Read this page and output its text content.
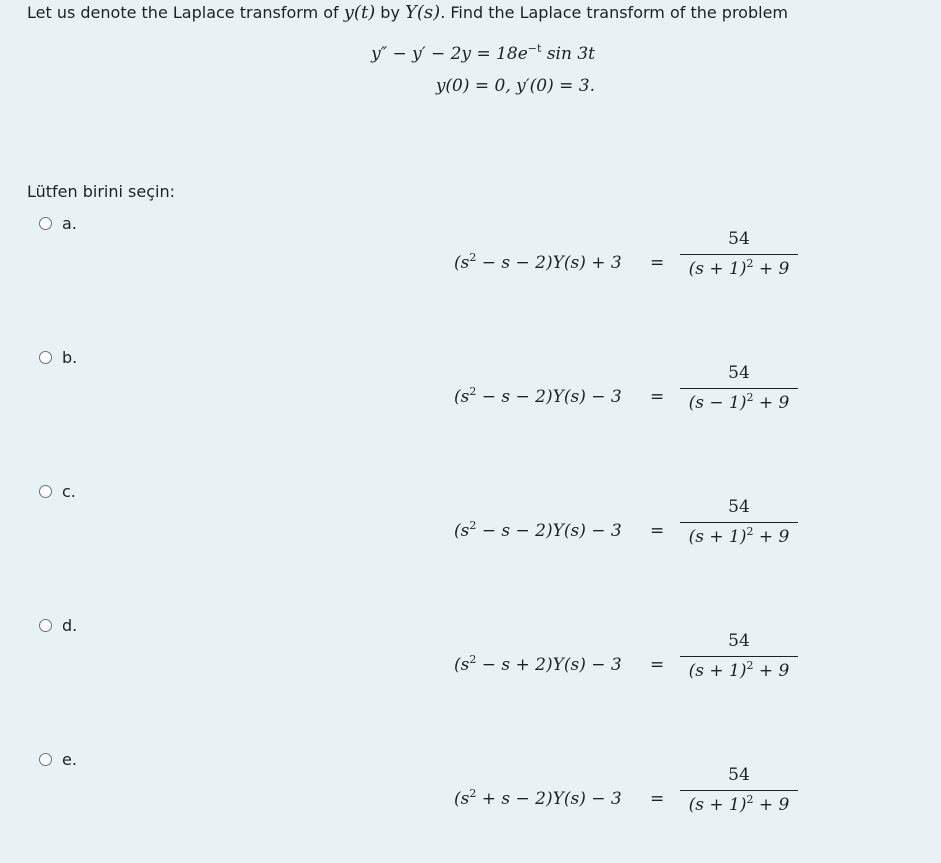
Let us denote the Laplace transform of y(t) by Y(s). Find the Laplace transform of the problem
$y'' - y' - 2y = 18e^{-t}$ sin 3t
y(0) = 0, y′(0) = 3.
Lütfen birini seçin:
a.
$(s^2 - s - 2)Y(s) + 3$ =
54
$(s + 1)^2 + 9$
b.
$(s^2 - s - 2)Y(s) - 3$ =
54
$(s - 1)^2 + 9$
c.
$(s^2 - s - 2)Y(s) - 3$ =
54
$(s + 1)^2 + 9$
d.
$(s^2 - s + 2)Y(s) - 3$ =
54
$(s + 1)^2 + 9$
e.
$(s^2 + s - 2)Y(s) - 3$ =
54
$(s + 1)^2 + 9$
